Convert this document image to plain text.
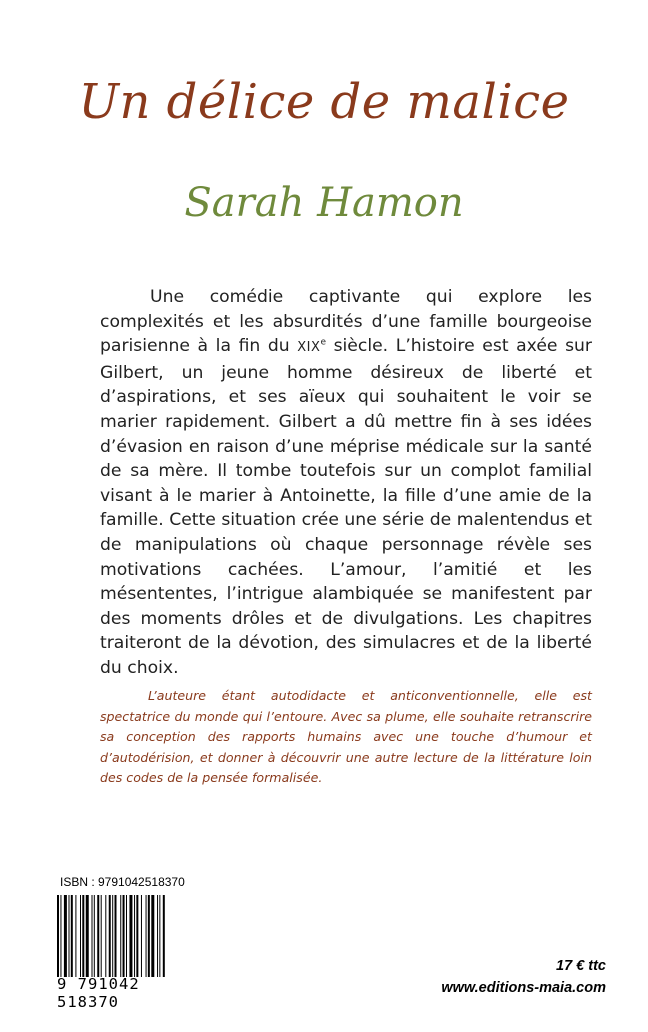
Un délice de malice
Sarah Hamon

Une comédie captivante qui explore les complexités et les absurdités d’une famille bourgeoise parisienne à la fin du XIXe siècle. L’histoire est axée sur Gilbert, un jeune homme désireux de liberté et d’aspirations, et ses aïeux qui souhaitent le voir se marier rapidement. Gilbert a dû mettre fin à ses idées d’évasion en raison d’une méprise médicale sur la santé de sa mère. Il tombe toutefois sur un complot familial visant à le marier à Antoinette, la fille d’une amie de la famille. Cette situation crée une série de malentendus et de manipulations où chaque personnage révèle ses motivations cachées. L’amour, l’amitié et les mésententes, l’intrigue alambiquée se manifestent par des moments drôles et de divulgations. Les chapitres traiteront de la dévotion, des simulacres et de la liberté du choix.

L’auteure étant autodidacte et anticonventionnelle, elle est spectatrice du monde qui l’entoure. Avec sa plume, elle souhaite retranscrire sa conception des rapports humains avec une touche d’humour et d’autodérision, et donner à découvrir une autre lecture de la littérature loin des codes de la pensée formalisée.

ISBN : 9791042518370
9 791042 518370
17 € ttc
www.editions-maia.com
